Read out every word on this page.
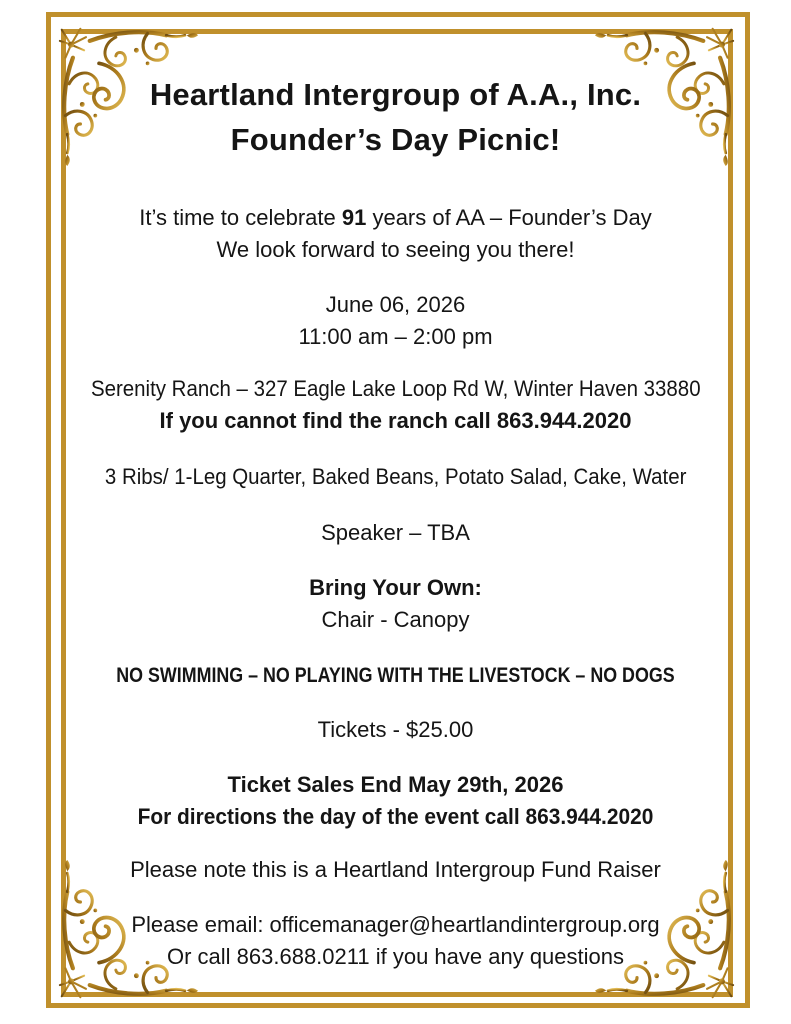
Heartland Intergroup of A.A., Inc.
Founder’s Day Picnic!
It’s time to celebrate 91 years of AA – Founder’s Day
We look forward to seeing you there!
June 06, 2026
11:00 am – 2:00 pm
Serenity Ranch – 327 Eagle Lake Loop Rd W, Winter Haven 33880
If you cannot find the ranch call 863.944.2020
3 Ribs/ 1-Leg Quarter, Baked Beans, Potato Salad, Cake, Water
Speaker – TBA
Bring Your Own:
Chair - Canopy
NO SWIMMING – NO PLAYING WITH THE LIVESTOCK – NO DOGS
Tickets - $25.00
Ticket Sales End May 29th, 2026
For directions the day of the event call 863.944.2020
Please note this is a Heartland Intergroup Fund Raiser
Please email: officemanager@heartlandintergroup.org
Or call 863.688.0211 if you have any questions
